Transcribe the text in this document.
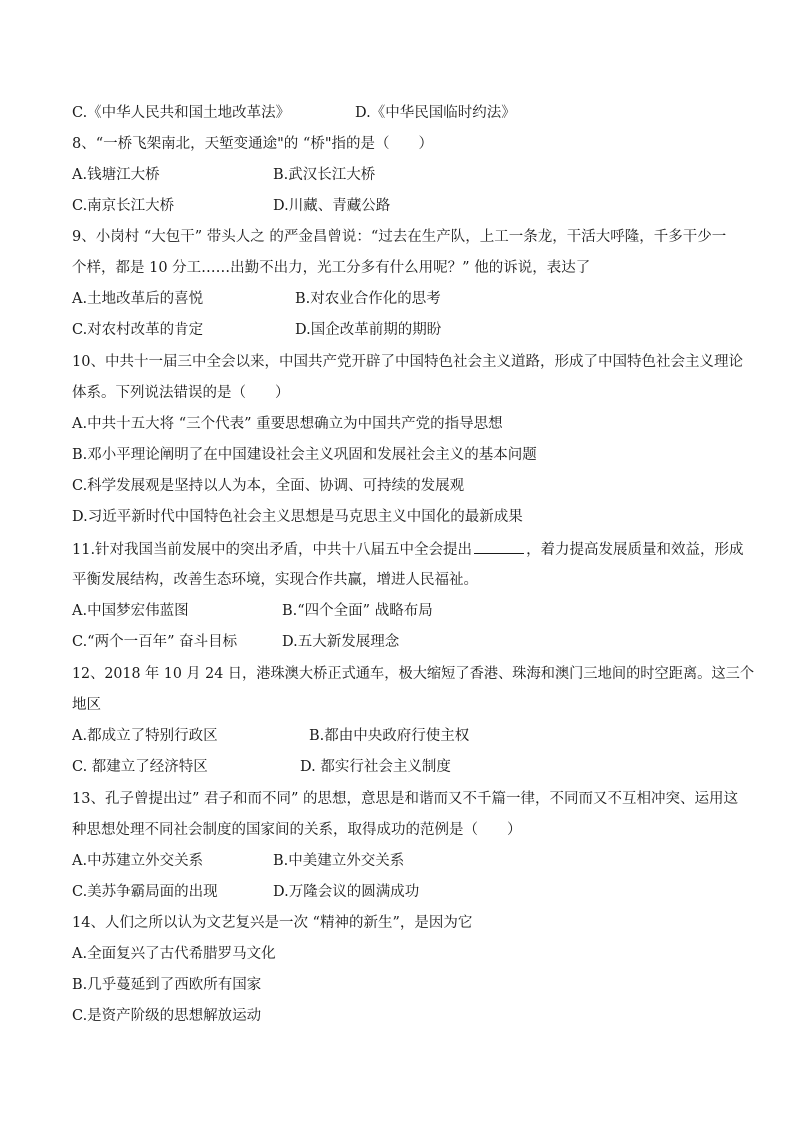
C.《中华人民共和国土地改革法》	D.《中华民国临时约法》
8、“一桥飞架南北，天堑变通途"的 “桥"指的是（　　）
A.钱塘江大桥	B.武汉长江大桥
C.南京长江大桥	D.川藏、青藏公路
9、小岗村 “大包干” 带头人之 的严金昌曾说：“过去在生产队，上工一条龙，干活大呼隆，千多干少一
个样，都是 10 分工……出勤不出力，光工分多有什么用呢？” 他的诉说，表达了
A.土地改革后的喜悦	B.对农业合作化的思考
C.对农村改革的肯定	D.国企改革前期的期盼
10、中共十一届三中全会以来，中国共产党开辟了中国特色社会主义道路，形成了中国特色社会主义理论
体系。下列说法错误的是（　　）
A.中共十五大将 “三个代表” 重要思想确立为中国共产党的指导思想
B.邓小平理论阐明了在中国建设社会主义巩固和发展社会主义的基本问题
C.科学发展观是坚持以人为本，全面、协调、可持续的发展观
D.习近平新时代中国特色社会主义思想是马克思主义中国化的最新成果
11.针对我国当前发展中的突出矛盾，中共十八届五中全会提出	，着力提高发展质量和效益，形成
平衡发展结构，改善生态环境，实现合作共赢，增进人民福祉。
A.中国梦宏伟蓝图	B.“四个全面” 战略布局
C.“两个一百年” 奋斗目标	D.五大新发展理念
12、2018 年 10 月 24 日，港珠澳大桥正式通车，极大缩短了香港、珠海和澳门三地间的时空距离。这三个
地区
A.都成立了特别行政区	B.都由中央政府行使主权
C. 都建立了经济特区	D. 都实行社会主义制度
13、孔子曾提出过” 君子和而不同” 的思想，意思是和谐而又不千篇一律，不同而又不互相冲突、运用这
种思想处理不同社会制度的国家间的关系，取得成功的范例是（　　）
A.中苏建立外交关系	B.中美建立外交关系
C.美苏争霸局面的出现	D.万隆会议的圆满成功
14、人们之所以认为文艺复兴是一次 “精神的新生”，是因为它
A.全面复兴了古代希腊罗马文化
B.几乎蔓延到了西欧所有国家
C.是资产阶级的思想解放运动
